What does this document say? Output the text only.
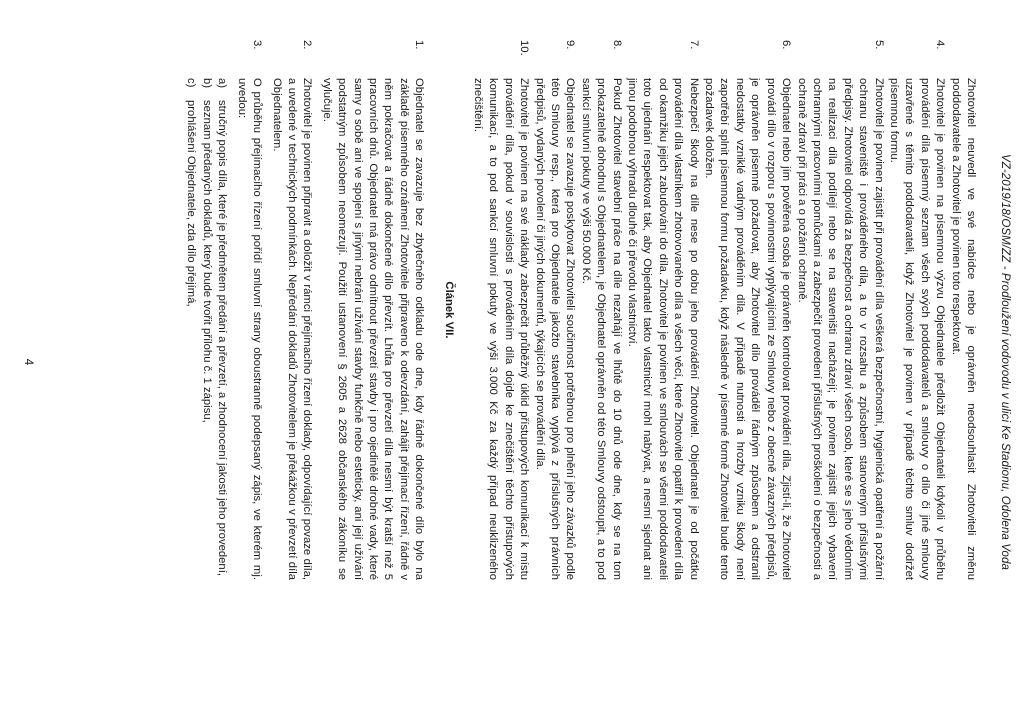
VZ-2019/18/OSM/ZZ - Prodloužení vodovodu v ulici Ke Stadionu, Odolena Voda
Zhotovitel neuvedl ve své nabídce nebo je oprávněn neodsouhlasit Zhotoviteli změnu poddodavatele a Zhotovitel je povinen toto respektovat.
4.
Zhotovitel je povinen na písemnou výzvu Objednatele předložit Objednateli kdykoli v průběhu provádění díla písemný seznam všech svých poddodavatelů a smlouvy o dílo či jiné smlouvy uzavřené s těmito poddodavateli, když Zhotovitel je povinen v případě těchto smluv dodržet písemnou formu.
5.
Zhotovitel je povinen zajistit při provádění díla veškerá bezpečnostní, hygienická opatření a požární ochranu staveniště i prováděného díla, a to v rozsahu a způsobem stanoveným příslušnými předpisy. Zhotovitel odpovídá za bezpečnost a ochranu zdraví všech osob, které se s jeho vědomím na realizaci díla podílejí nebo se na staveništi nacházejí; je povinen zajistit jejich vybavení ochrannými pracovními pomůckami a zabezpečit provedení příslušných proškolení o bezpečnosti a ochraně zdraví při práci a o požární ochraně.
6.
Objednatel nebo jím pověřená osoba je oprávněn kontrolovat provádění díla. Zjistí-li, že Zhotovitel provádí dílo v rozporu s povinnostmi vyplývajícími ze Smlouvy nebo z obecně závazných předpisů, je oprávněn písemně požadovat, aby Zhotovitel dílo prováděl řádným způsobem a odstranil nedostatky vzniklé vadným prováděním díla. V případě nutnosti a hrozby vzniku škody není zapotřebí splnit písemnou formu požadavku, když následně v písemné formě Zhotovitel bude tento požadavek doložen.
7.
Nebezpečí škody na díle nese po dobu jeho provádění Zhotovitel. Objednatel je od počátku provádění díla vlastníkem zhotovovaného díla a všech věcí, které Zhotovitel opatřil k provedení díla od okamžiku jejich zabudování do díla. Zhotovitel je povinen ve smlouvách se všemi poddodavateli toto ujednání respektovat tak, aby Objednatel takto vlastnictví mohl nabývat, a nesmí sjednat ani jinou podobnou výhradu dlouhé či převodu vlastnictví.
8.
Pokud Zhotovitel stavební práce na díle nezahájí ve lhůtě do 10 dnů ode dne, kdy se na tom prokazatelně dohodnul s Objednatelem, je Objednatel oprávněn od této Smlouvy odstoupit, a to pod sankcí smluvní pokuty ve výši 50.000 Kč.
9.
Objednatel se zavazuje poskytovat Zhotoviteli součinnost potřebnou pro plnění jeho závazků podle této Smlouvy resp., která pro Objednatele jakožto stavebníka vyplývá z příslušných právních předpisů, vydaných povolení či jiných dokumentů, týkajících se provádění díla.
10.
Zhotovitel je povinen na své náklady zabezpečit průběžný úklid přístupových komunikací k místu provádění díla, pokud v souvislosti s prováděním díla dojde ke znečištění těchto přístupových komunikací, a to pod sankcí smluvní pokuty ve výši 3.000 Kč za každý případ neuklizeného znečištění.
Článek VII.
1.
Objednatel se zavazuje bez zbytečného odkladu ode dne, kdy řádně dokončené dílo bylo na základě písemného oznámení Zhotovitele připraveno k odevzdání, zahájit přejímací řízení, řádně v něm pokračovat a řádně dokončené dílo převzít. Lhůta pro převzetí díla nesmí být kratší než 5 pracovních dnů. Objednatel má právo odmítnout převzetí stavby i pro ojedinělé drobné vady, které samy o sobě ani ve spojení s jinými nebrání užívání stavby funkčně nebo esteticky, ani její užívání podstatným způsobem neomezují. Použití ustanovení § 2605 a 2628 občanského zákoníku se vylučuje.
2.
Zhotovitel je povinen připravit a doložit v rámci přejímacího řízení doklady, odpovídající povaze díla, a uvedené v technických podmínkách. Nepředání dokladů Zhotovitelem je překážkou v převzetí díla Objednatelem.
3.
O průběhu přejímacího řízení pořídí smluvní strany oboustranně podepsaný zápis, ve kterém mj. uvedou:
a)
stručný popis díla, které je předmětem předání a převzetí, a zhodnocení jakosti jeho provedení,
b)
seznam předaných dokladů, který bude tvořit přílohu č. 1 zápisu,
c)
prohlášení Objednatele, zda dílo přejímá,
4
